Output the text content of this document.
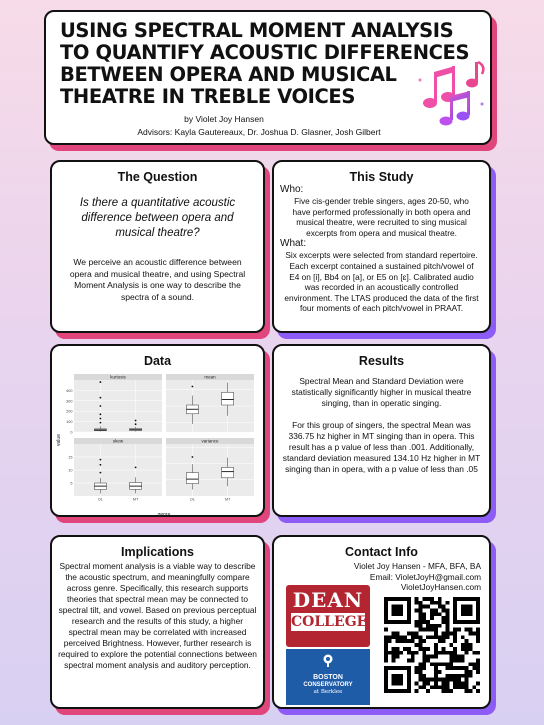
USING SPECTRAL MOMENT ANALYSIS
TO QUANTIFY ACOUSTIC DIFFERENCES
BETWEEN OPERA AND MUSICAL
THEATRE IN TREBLE VOICES
by Violet Joy Hansen
Advisors: Kayla Gautereaux, Dr. Joshua D. Glasner, Josh Gilbert
The Question
Is there a quantitative acoustic difference between opera and musical theatre?
We perceive an acoustic difference between opera and musical theatre, and using Spectral Moment Analysis is one way to describe the spectra of a sound.
This Study
Who:
Five cis-gender treble singers, ages 20-50, who have performed professionally in both opera and musical theatre, were recruited to sing musical excerpts from opera and musical theatre.
What:
Six excerpts were selected from standard repertoire. Each excerpt contained a sustained pitch/vowel of E4 on [i], Bb4 on [a], or E5 on [ɛ]. Calibrated audio was recorded in an acoustically controlled environment. The LTAS produced the data of the first four moments of each pitch/vowel in PRAAT.
Data
kurtosis
0
100
200
300
400
mean
skew
5
10
15
OL	MT
variance
OL	MT
genre
value
Results
Spectral Mean and Standard Deviation were statistically significantly higher in musical theatre singing, than in operatic singing.
For this group of singers, the spectral Mean was 336.75 hz higher in MT singing than in opera. This result has a p value of less than .001. Additionally, standard deviation measured 134.10 Hz higher in MT singing than in opera, with a p value of less than .05
Implications
Spectral moment analysis is a viable way to describe the acoustic spectrum, and meaningfully compare across genre. Specifically, this research supports theories that spectral mean may be connected to spectral tilt, and vowel. Based on previous perceptual research and the results of this study, a higher spectral mean may be correlated with increased perceived Brightness. However, further research is required to explore the potential connections between spectral moment analysis and auditory perception.
Contact Info
Violet Joy Hansen - MFA, BFA, BA
Email: VioletJoyH@gmail.com
VioletJoyHansen.com
DEAN
COLLEGE
BOSTON
CONSERVATORY
at Berklee
